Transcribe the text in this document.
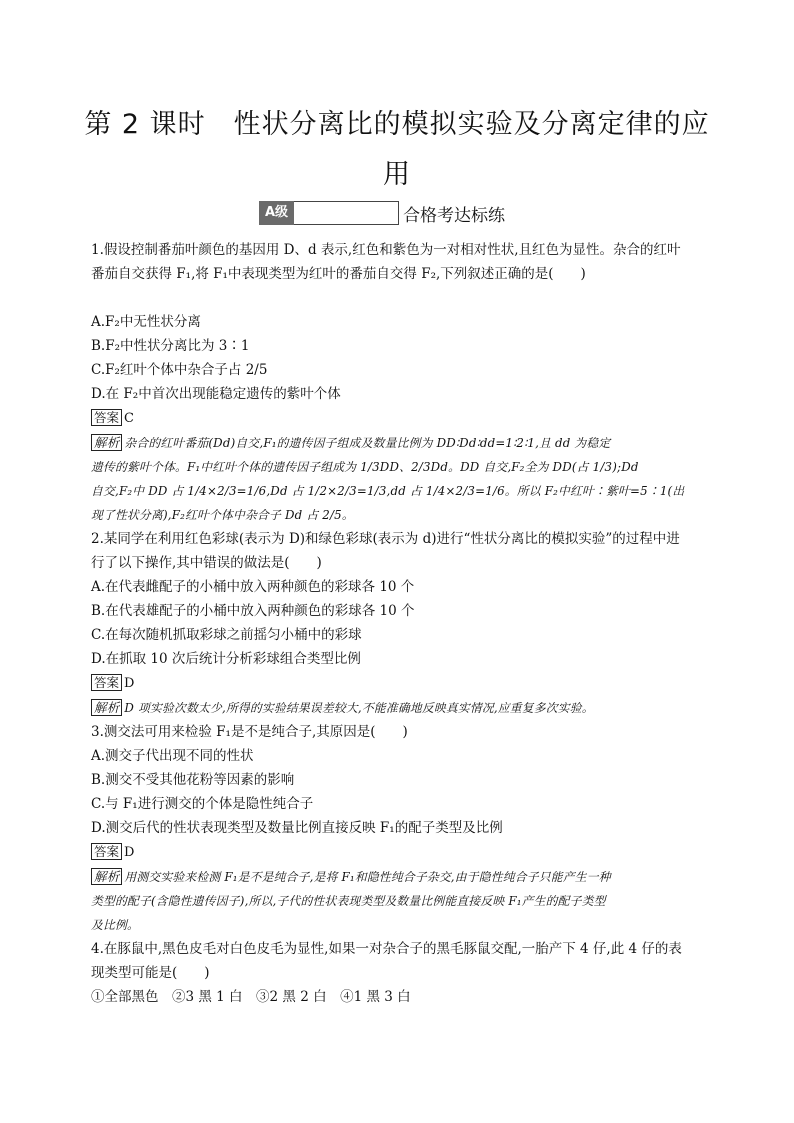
第 2 课时　性状分离比的模拟实验及分离定律的应
用
A级	合格考达标练

1.假设控制番茄叶颜色的基因用 D、d 表示,红色和紫色为一对相对性状,且红色为显性。杂合的红叶

番茄自交获得 F₁,将 F₁中表现类型为红叶的番茄自交得 F₂,下列叙述正确的是(　　)

A.F₂中无性状分离

B.F₂中性状分离比为 3∶1

C.F₂红叶个体中杂合子占 2/5

D.在 F₂中首次出现能稳定遗传的紫叶个体

答案 C

解析 杂合的红叶番茄(Dd)自交,F₁的遗传因子组成及数量比例为 DD∶Dd∶dd=1∶2∶1,且 dd 为稳定

遗传的紫叶个体。F₁中红叶个体的遗传因子组成为 1/3DD、2/3Dd。DD 自交,F₂全为 DD(占 1/3);Dd

自交,F₂中 DD 占 1/4×2/3=1/6,Dd 占 1/2×2/3=1/3,dd 占 1/4×2/3=1/6。所以 F₂中红叶∶紫叶=5∶1(出

现了性状分离),F₂红叶个体中杂合子 Dd 占 2/5。

2.某同学在利用红色彩球(表示为 D)和绿色彩球(表示为 d)进行“性状分离比的模拟实验”的过程中进

行了以下操作,其中错误的做法是(　　)

A.在代表雌配子的小桶中放入两种颜色的彩球各 10 个

B.在代表雄配子的小桶中放入两种颜色的彩球各 10 个

C.在每次随机抓取彩球之前摇匀小桶中的彩球

D.在抓取 10 次后统计分析彩球组合类型比例

答案 D

解析 D 项实验次数太少,所得的实验结果误差较大,不能准确地反映真实情况,应重复多次实验。

3.测交法可用来检验 F₁是不是纯合子,其原因是(　　)

A.测交子代出现不同的性状

B.测交不受其他花粉等因素的影响

C.与 F₁进行测交的个体是隐性纯合子

D.测交后代的性状表现类型及数量比例直接反映 F₁的配子类型及比例

答案 D

解析 用测交实验来检测 F₁是不是纯合子,是将 F₁和隐性纯合子杂交,由于隐性纯合子只能产生一种

类型的配子(含隐性遗传因子),所以,子代的性状表现类型及数量比例能直接反映 F₁产生的配子类型

及比例。

4.在豚鼠中,黑色皮毛对白色皮毛为显性,如果一对杂合子的黑毛豚鼠交配,一胎产下 4 仔,此 4 仔的表

现类型可能是(　　)

①全部黑色　②3 黑 1 白　③2 黑 2 白　④1 黑 3 白
